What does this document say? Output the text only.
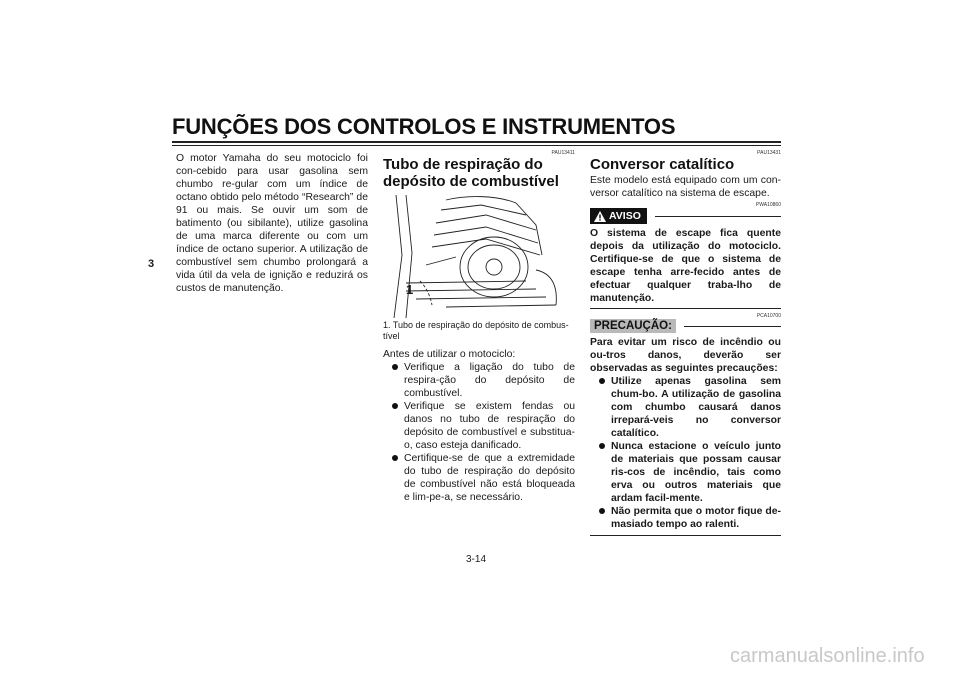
FUNÇÕES DOS CONTROLOS E INSTRUMENTOS
3
O motor Yamaha do seu motociclo foi con-cebido para usar gasolina sem chumbo re-gular com um índice de octano obtido pelo método “Research” de 91 ou mais. Se ouvir um som de batimento (ou sibilante), utilize gasolina de uma marca diferente ou com um índice de octano superior. A utilização de combustível sem chumbo prolongará a vida útil da vela de ignição e reduzirá os custos de manutenção.
PAU13411
Tubo de respiração do depósito de combustível
1
1. Tubo de respiração do depósito de combus-
tível
Antes de utilizar o motociclo:
Verifique a ligação do tubo de respira-ção do depósito de combustível.
Verifique se existem fendas ou danos no tubo de respiração do depósito de combustível e substitua-o, caso esteja danificado.
Certifique-se de que a extremidade do tubo de respiração do depósito de combustível não está bloqueada e lim-pe-a, se necessário.
PAU13431
Conversor catalítico
Este modelo está equipado com um con-versor catalítico na sistema de escape.
PWA10860
AVISO
O sistema de escape fica quente depois da utilização do motociclo. Certifique-se de que o sistema de escape tenha arre-fecido antes de efectuar qualquer traba-lho de manutenção.
PCA10700
PRECAUÇÃO:
Para evitar um risco de incêndio ou ou-tros danos, deverão ser observadas as seguintes precauções:
Utilize apenas gasolina sem chum-bo. A utilização de gasolina com chumbo causará danos irrepará-veis no conversor catalítico.
Nunca estacione o veículo junto de materiais que possam causar ris-cos de incêndio, tais como erva ou outros materiais que ardam facil-mente.
Não permita que o motor fique de-masiado tempo ao ralenti.
3-14
carmanualsonline.info
